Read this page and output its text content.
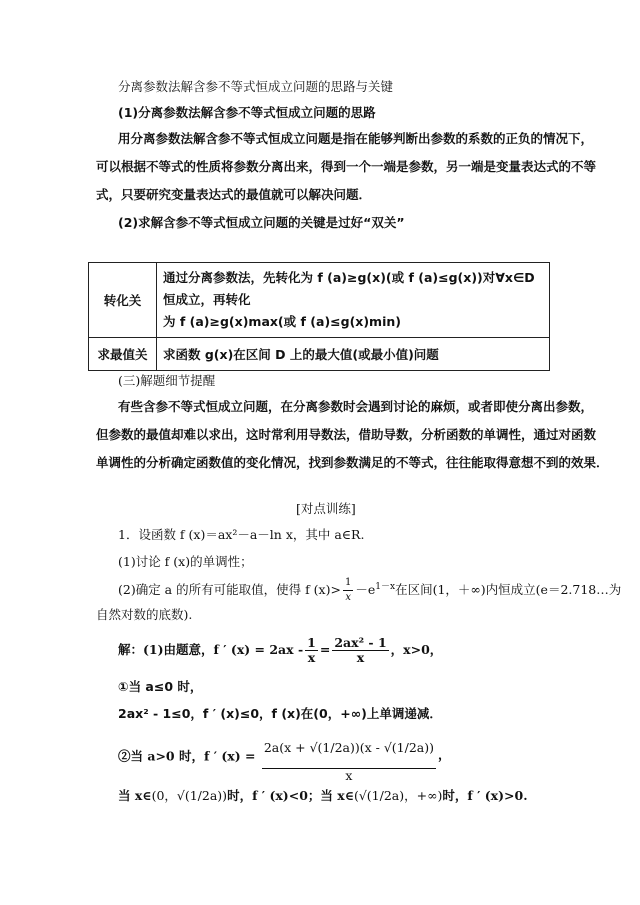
分离参数法解含参不等式恒成立问题的思路与关键
(1)分离参数法解含参不等式恒成立问题的思路
用分离参数法解含参不等式恒成立问题是指在能够判断出参数的系数的正负的情况下，
可以根据不等式的性质将参数分离出来，得到一个一端是参数，另一端是变量表达式的不等
式，只要研究变量表达式的最值就可以解决问题．
(2)求解含参不等式恒成立问题的关键是过好“双关”
转化关	通过分离参数法，先转化为 f (a)≥g(x)(或 f (a)≤g(x))对∀x∈D 恒成立，再转化
为 f (a)≥g(x)max(或 f (a)≤g(x)min)

求最值关	求函数 g(x)在区间 D 上的最大值(或最小值)问题
(三)解题细节提醒
有些含参不等式恒成立问题，在分离参数时会遇到讨论的麻烦，或者即使分离出参数，
但参数的最值却难以求出，这时常利用导数法，借助导数，分析函数的单调性，通过对函数
单调性的分析确定函数值的变化情况，找到参数满足的不等式，往往能取得意想不到的效果．
[对点训练]
1．设函数 f (x)＝ax²－a－ln x，其中 a∈R.
(1)讨论 f (x)的单调性；
(2)确定 a 的所有可能取值，使得 f $(x)> \frac{1}{x} -e^{1-x}$在区间(1，＋∞)内恒成立(e＝2.718…为
自然对数的底数).
解：(1)由题意，f ′ $(x) = 2ax - \frac{1}{x} = \frac{\text{2ax² - 1}}{x}$ ，x>0，
①当 a≤0 时，
2ax² - 1≤0，f ′ (x)≤0，f (x)在(0，+∞)上单调递减．
②当 a>0 时，f ′ $(x) = \frac{2a(x + √(1/2a))(x - √(1/2a))}{x}$ ，
当 x∈(0，√(1/2a))时，f ′ (x)<0；当 x∈(√(1/2a)，+∞)时，f ′ (x)>0.
